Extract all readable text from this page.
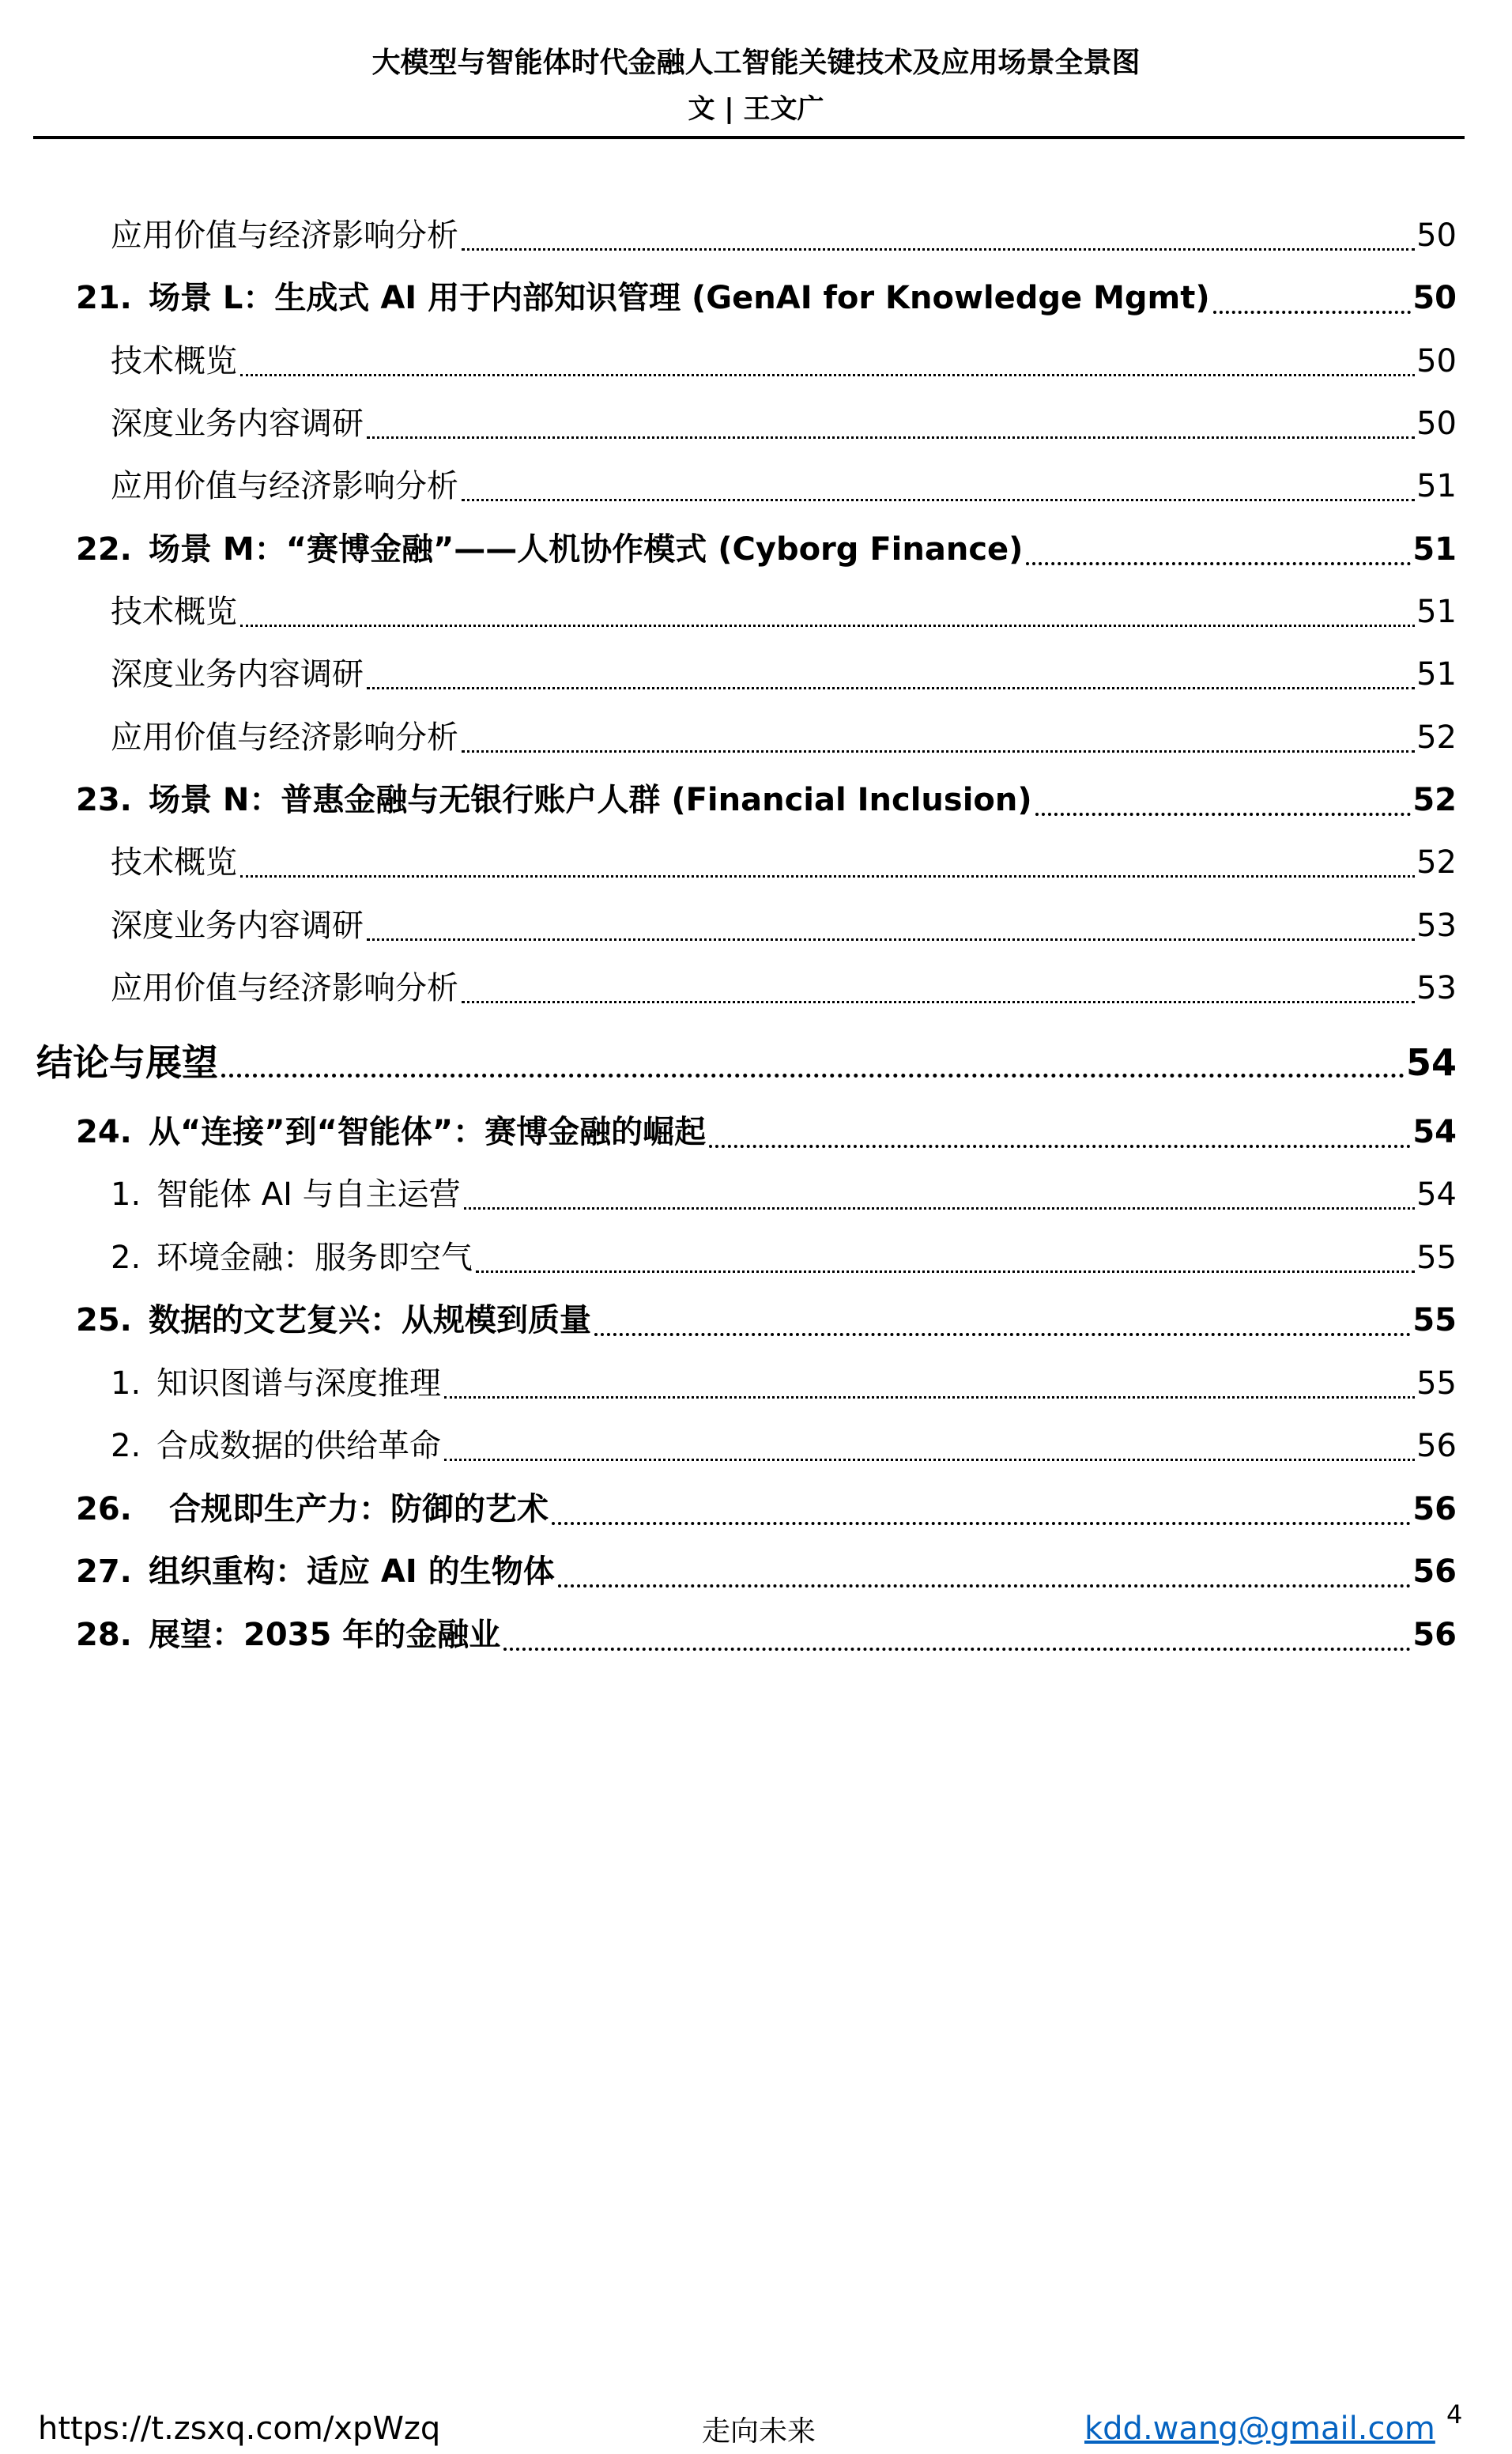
大模型与智能体时代金融人工智能关键技术及应用场景全景图
文 | 王文广
应用价值与经济影响分析	50
21. 场景 L：生成式 AI 用于内部知识管理 (GenAI for Knowledge Mgmt)	50
技术概览	50
深度业务内容调研	50
应用价值与经济影响分析	51
22. 场景 M：“赛博金融”——人机协作模式 (Cyborg Finance)	51
技术概览	51
深度业务内容调研	51
应用价值与经济影响分析	52
23. 场景 N：普惠金融与无银行账户人群 (Financial Inclusion)	52
技术概览	52
深度业务内容调研	53
应用价值与经济影响分析	53
结论与展望	54
24. 从“连接”到“智能体”：赛博金融的崛起	54
1. 智能体 AI 与自主运营	54
2. 环境金融：服务即空气	55
25. 数据的文艺复兴：从规模到质量	55
1. 知识图谱与深度推理	55
2. 合成数据的供给革命	56
26. 合规即生产力：防御的艺术	56
27. 组织重构：适应 AI 的生物体	56
28. 展望：2035 年的金融业	56
https://t.zsxq.com/xpWzq	走向未来	kdd.wang@gmail.com 4
